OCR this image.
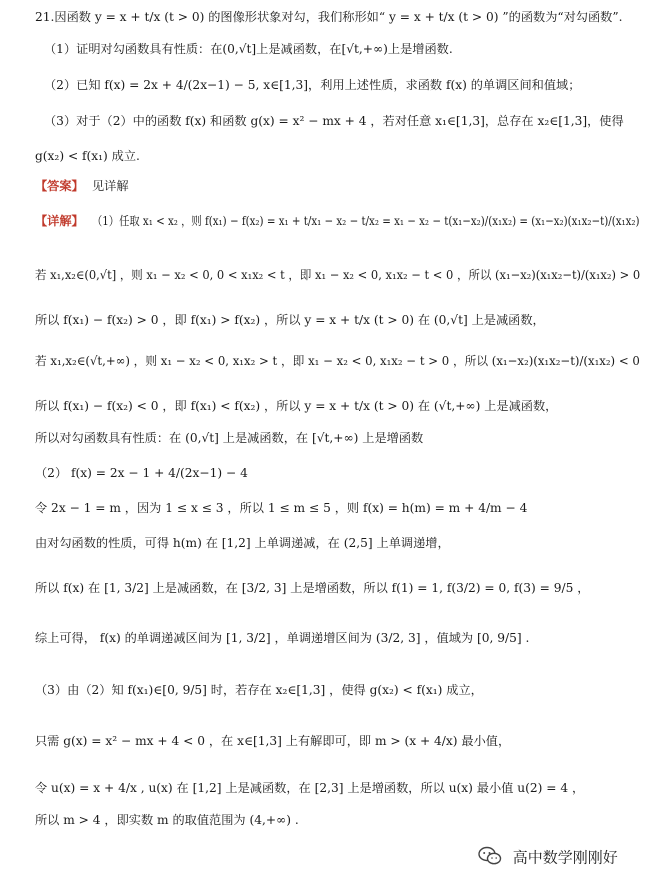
21.因函数 y = x + t/x (t > 0) 的图像形状象对勾，我们称形如“ y = x + t/x (t > 0) ”的函数为“对勾函数”.
（1）证明对勾函数具有性质：在(0,√t]上是减函数，在[√t,+∞)上是增函数.
（2）已知 f(x) = 2x + 4/(2x−1) − 5, x∈[1,3]，利用上述性质，求函数 f(x) 的单调区间和值域；
（3）对于（2）中的函数 f(x) 和函数 g(x) = x² − mx + 4 ，若对任意 x₁∈[1,3]，总存在 x₂∈[1,3]，使得
g(x₂) < f(x₁) 成立.
【答案】 见详解
【详解】 （1）任取 x₁ < x₂ ，则 f(x₁) − f(x₂) = x₁ + t/x₁ − x₂ − t/x₂ = x₁ − x₂ − t(x₁−x₂)/(x₁x₂) = (x₁−x₂)(x₁x₂−t)/(x₁x₂)
若 x₁,x₂∈(0,√t] ，则 x₁ − x₂ < 0, 0 < x₁x₂ < t ，即 x₁ − x₂ < 0, x₁x₂ − t < 0 ，所以 (x₁−x₂)(x₁x₂−t)/(x₁x₂) > 0
所以 f(x₁) − f(x₂) > 0 ，即 f(x₁) > f(x₂) ，所以 y = x + t/x (t > 0) 在 (0,√t] 上是减函数，
若 x₁,x₂∈(√t,+∞) ，则 x₁ − x₂ < 0, x₁x₂ > t ，即 x₁ − x₂ < 0, x₁x₂ − t > 0 ，所以 (x₁−x₂)(x₁x₂−t)/(x₁x₂) < 0
所以 f(x₁) − f(x₂) < 0 ，即 f(x₁) < f(x₂) ，所以 y = x + t/x (t > 0) 在 (√t,+∞) 上是减函数，
所以对勾函数具有性质：在 (0,√t] 上是减函数，在 [√t,+∞) 上是增函数
（2） f(x) = 2x − 1 + 4/(2x−1) − 4
令 2x − 1 = m ，因为 1 ≤ x ≤ 3 ，所以 1 ≤ m ≤ 5 ，则 f(x) = h(m) = m + 4/m − 4
由对勾函数的性质，可得 h(m) 在 [1,2] 上单调递减，在 (2,5] 上单调递增，
所以 f(x) 在 [1, 3/2] 上是减函数，在 [3/2, 3] 上是增函数，所以 f(1) = 1, f(3/2) = 0, f(3) = 9/5 ，
综上可得， f(x) 的单调递减区间为 [1, 3/2] ，单调递增区间为 (3/2, 3] ，值域为 [0, 9/5] .
（3）由（2）知 f(x₁)∈[0, 9/5] 时，若存在 x₂∈[1,3] ，使得 g(x₂) < f(x₁) 成立，
只需 g(x) = x² − mx + 4 < 0 ，在 x∈[1,3] 上有解即可，即 m > (x + 4/x) 最小值，
令 u(x) = x + 4/x , u(x) 在 [1,2] 上是减函数，在 [2,3] 上是增函数，所以 u(x) 最小值 u(2) = 4 ，
所以 m > 4 ，即实数 m 的取值范围为 (4,+∞) .
高中数学刚刚好
